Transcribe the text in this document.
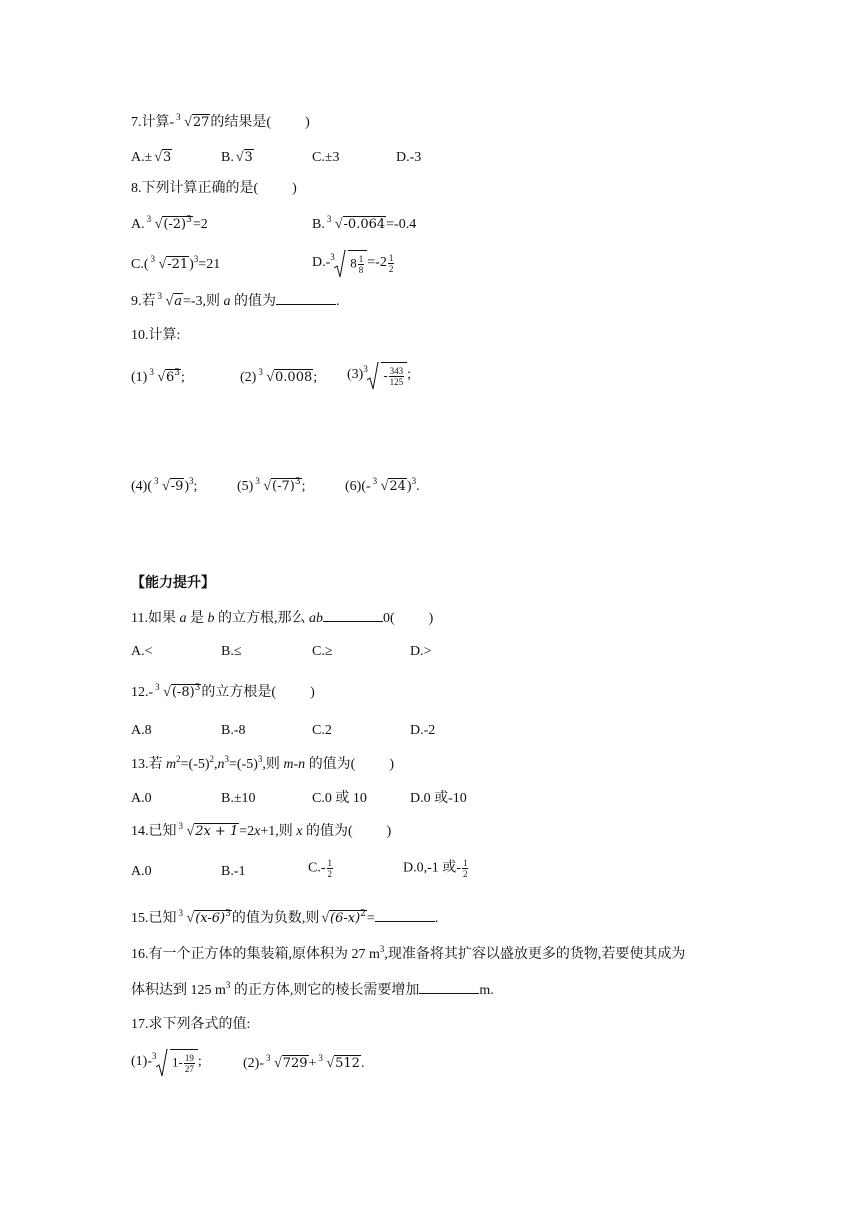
7.计算- 3 √27的结果是( )
A.± √3	B. √3	C.±3	D.-3
8.下列计算正确的是( )
A. 3 $√(-2)^3=2$	B. 3 √-0.064=-0.4
C.( 3 √-21)$^3$=21	D.- 3 $8 \frac{1}{8} =-2 \frac{1}{2}$
9.若 3 √a=-3,则 a 的值为	.
10.计算:
(1) 3 $√6^3$;	(2) 3 √0.008; (3) $3 - \frac{343}{125}$ ;
(4)( 3 √-9)$^3$;	(5) 3 $√(-7)^3$;	(6)(- 3 √24)$^3$.
【能力提升】
11.如果 a 是 b 的立方根,那么 ab	0( )
A.<	B.≤	C.≥	D.>
12.- 3 $√(-8)^3$的立方根是( )
A.8	B.-8	C.2	D.-2
13.若 $m^2=(-5)^2,n^3=(-5)^3$,则 m-n 的值为( )
A.0	B.±10	C.0 或 10	D.0 或-10
14.已知 3 √2x + 1=2x+1,则 x 的值为( )
A.0	B.-1	$C.- \frac{1}{2}$	D.0,-1 或- $\frac{1}{2}$
15.已知 3 $√(x-6)^3$的值为负数,则 $√(6-x)^2=$	.
16.有一个正方体的集装箱,原体积为 27 $m^3$,现准备将其扩容以盛放更多的货物,若要使其成为
体积达到 125 $m^3$ 的正方体,则它的棱长需要增加	m.
17.求下列各式的值:
(1)- 3 $1- \frac{19}{27}$ ;	(2)- 3 √729+ 3 √512.
